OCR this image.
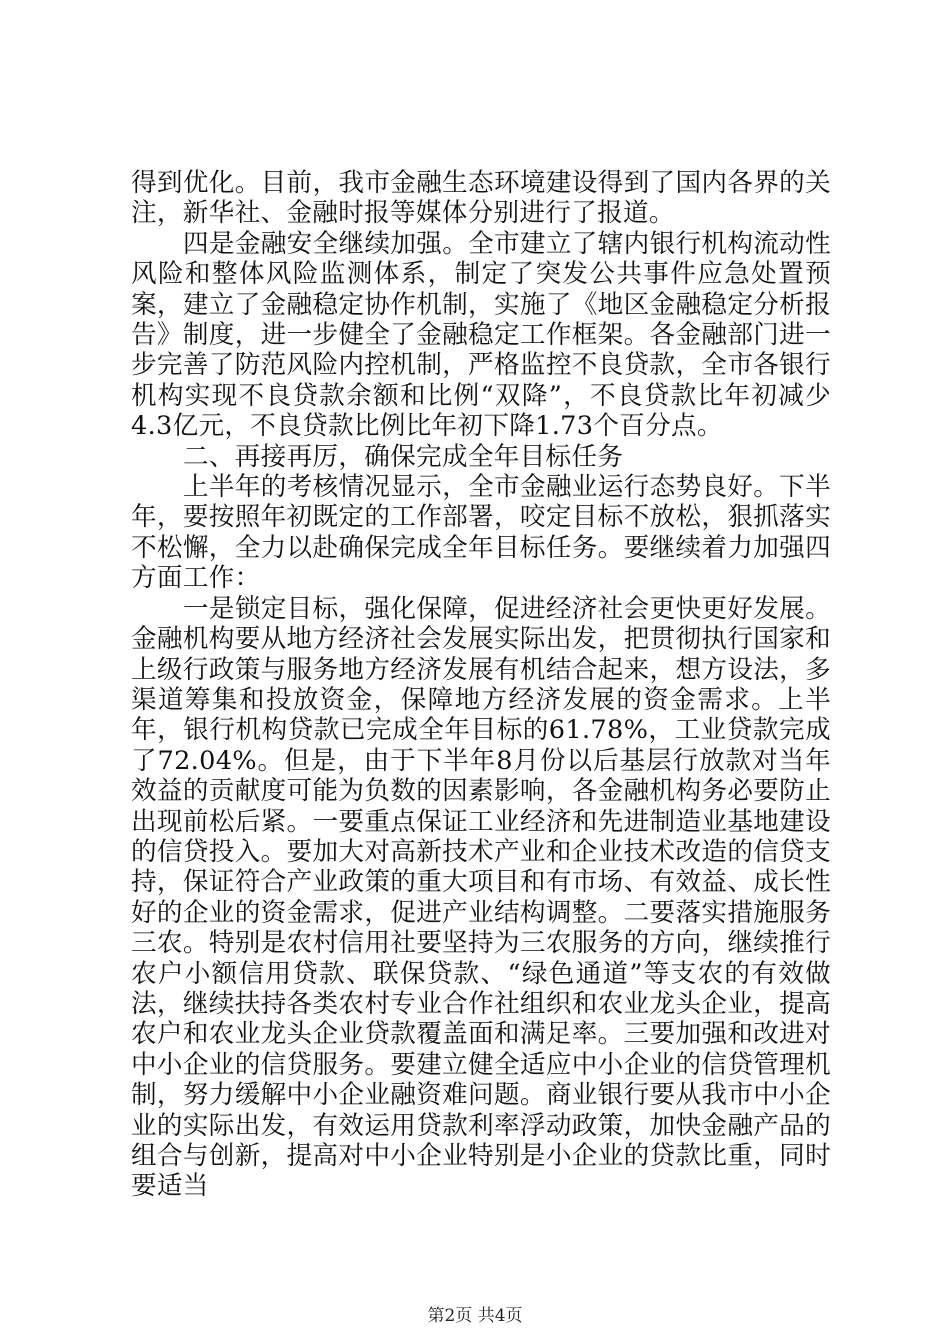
得到优化。目前，我市金融生态环境建设得到了国内各界的关注，新华社、金融时报等媒体分别进行了报道。

四是金融安全继续加强。全市建立了辖内银行机构流动性风险和整体风险监测体系，制定了突发公共事件应急处置预案，建立了金融稳定协作机制，实施了《地区金融稳定分析报告》制度，进一步健全了金融稳定工作框架。各金融部门进一步完善了防范风险内控机制，严格监控不良贷款，全市各银行机构实现不良贷款余额和比例“双降”，不良贷款比年初减少4.3亿元，不良贷款比例比年初下降1.73个百分点。

二、再接再厉，确保完成全年目标任务

上半年的考核情况显示，全市金融业运行态势良好。下半年，要按照年初既定的工作部署，咬定目标不放松，狠抓落实不松懈，全力以赴确保完成全年目标任务。要继续着力加强四方面工作：

一是锁定目标，强化保障，促进经济社会更快更好发展。金融机构要从地方经济社会发展实际出发，把贯彻执行国家和上级行政策与服务地方经济发展有机结合起来，想方设法，多渠道筹集和投放资金，保障地方经济发展的资金需求。上半年，银行机构贷款已完成全年目标的61.78%，工业贷款完成了72.04%。但是，由于下半年8月份以后基层行放款对当年效益的贡献度可能为负数的因素影响，各金融机构务必要防止出现前松后紧。一要重点保证工业经济和先进制造业基地建设的信贷投入。要加大对高新技术产业和企业技术改造的信贷支持，保证符合产业政策的重大项目和有市场、有效益、成长性好的企业的资金需求，促进产业结构调整。二要落实措施服务三农。特别是农村信用社要坚持为三农服务的方向，继续推行农户小额信用贷款、联保贷款、“绿色通道”等支农的有效做法，继续扶持各类农村专业合作社组织和农业龙头企业，提高农户和农业龙头企业贷款覆盖面和满足率。三要加强和改进对中小企业的信贷服务。要建立健全适应中小企业的信贷管理机制，努力缓解中小企业融资难问题。商业银行要从我市中小企业的实际出发，有效运用贷款利率浮动政策，加快金融产品的组合与创新，提高对中小企业特别是小企业的贷款比重，同时要适当

第2页 共4页
